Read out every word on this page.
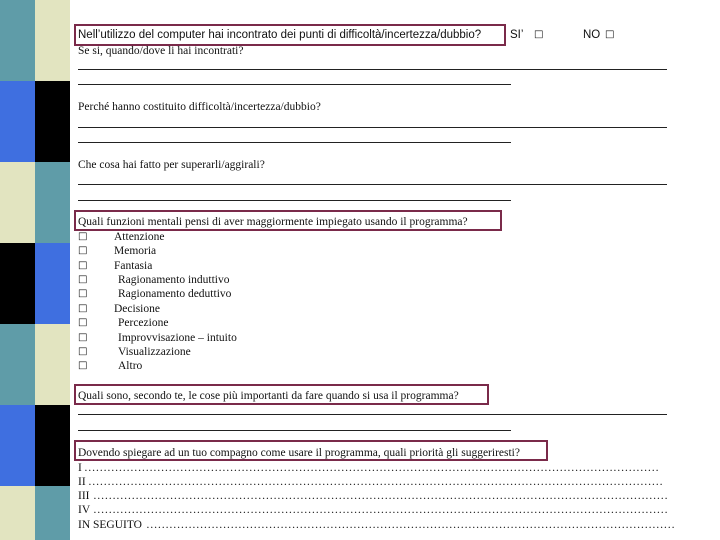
Nell’utilizzo del computer hai incontrato dei punti di difficoltà/incertezza/dubbio?	SI’ □	NO □
Se si, quando/dove li hai incontrati?
Perché hanno costituito difficoltà/incertezza/dubbio?
Che cosa hai fatto per superarli/aggirali?
Quali funzioni mentali pensi di aver maggiormente impiegato usando il programma?
□ Attenzione
□ Memoria
□ Fantasia
□	Ragionamento induttivo
□	Ragionamento deduttivo
□ Decisione
□	Percezione
□	Improvvisazione – intuito
□	Visualizzazione
□	Altro
Quali sono, secondo te, le cose più importanti da fare quando si usa il programma?
Dovendo spiegare ad un tuo compagno come usare il programma, quali priorità gli suggeriresti?
I ……………………………………………………………………………………………………………………………………
II ……………………………………………………………………………………………………………………………………
III ……………………………………………………………………………………………………………………………………
IV ……………………………………………………………………………………………………………………………………
IN SEGUITO …………………………………………………………………………………………………………………………
